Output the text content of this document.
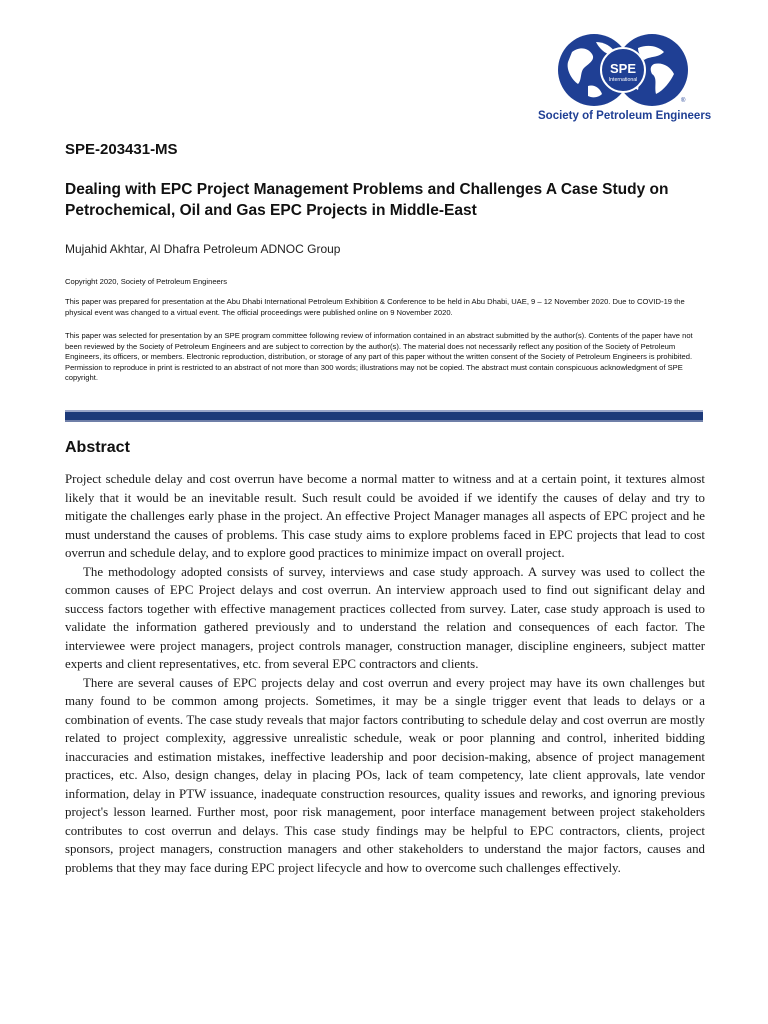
SPE
International
®
Society of Petroleum Engineers
SPE-203431-MS
Dealing with EPC Project Management Problems and Challenges A Case Study on Petrochemical, Oil and Gas EPC Projects in Middle-East
Mujahid Akhtar, Al Dhafra Petroleum ADNOC Group
Copyright 2020, Society of Petroleum Engineers
This paper was prepared for presentation at the Abu Dhabi International Petroleum Exhibition & Conference to be held in Abu Dhabi, UAE, 9 – 12 November 2020. Due to COVID-19 the physical event was changed to a virtual event. The official proceedings were published online on 9 November 2020.
This paper was selected for presentation by an SPE program committee following review of information contained in an abstract submitted by the author(s). Contents of the paper have not been reviewed by the Society of Petroleum Engineers and are subject to correction by the author(s). The material does not necessarily reflect any position of the Society of Petroleum Engineers, its officers, or members. Electronic reproduction, distribution, or storage of any part of this paper without the written consent of the Society of Petroleum Engineers is prohibited. Permission to reproduce in print is restricted to an abstract of not more than 300 words; illustrations may not be copied. The abstract must contain conspicuous acknowledgment of SPE copyright.
Abstract

Project schedule delay and cost overrun have become a normal matter to witness and at a certain point, it textures almost likely that it would be an inevitable result. Such result could be avoided if we identify the causes of delay and try to mitigate the challenges early phase in the project. An effective Project Manager manages all aspects of EPC project and he must understand the causes of problems. This case study aims to explore problems faced in EPC projects that lead to cost overrun and schedule delay, and to explore good practices to minimize impact on overall project.

The methodology adopted consists of survey, interviews and case study approach. A survey was used to collect the common causes of EPC Project delays and cost overrun. An interview approach used to find out significant delay and success factors together with effective management practices collected from survey. Later, case study approach is used to validate the information gathered previously and to understand the relation and consequences of each factor. The interviewee were project managers, project controls manager, construction manager, discipline engineers, subject matter experts and client representatives, etc. from several EPC contractors and clients.

There are several causes of EPC projects delay and cost overrun and every project may have its own challenges but many found to be common among projects. Sometimes, it may be a single trigger event that leads to delays or a combination of events. The case study reveals that major factors contributing to schedule delay and cost overrun are mostly related to project complexity, aggressive unrealistic schedule, weak or poor planning and control, inherited bidding inaccuracies and estimation mistakes, ineffective leadership and poor decision-making, absence of project management practices, etc. Also, design changes, delay in placing POs, lack of team competency, late client approvals, late vendor information, delay in PTW issuance, inadequate construction resources, quality issues and reworks, and ignoring previous project's lesson learned. Further most, poor risk management, poor interface management between project stakeholders contributes to cost overrun and delays. This case study findings may be helpful to EPC contractors, clients, project sponsors, project managers, construction managers and other stakeholders to understand the major factors, causes and problems that they may face during EPC project lifecycle and how to overcome such challenges effectively.
